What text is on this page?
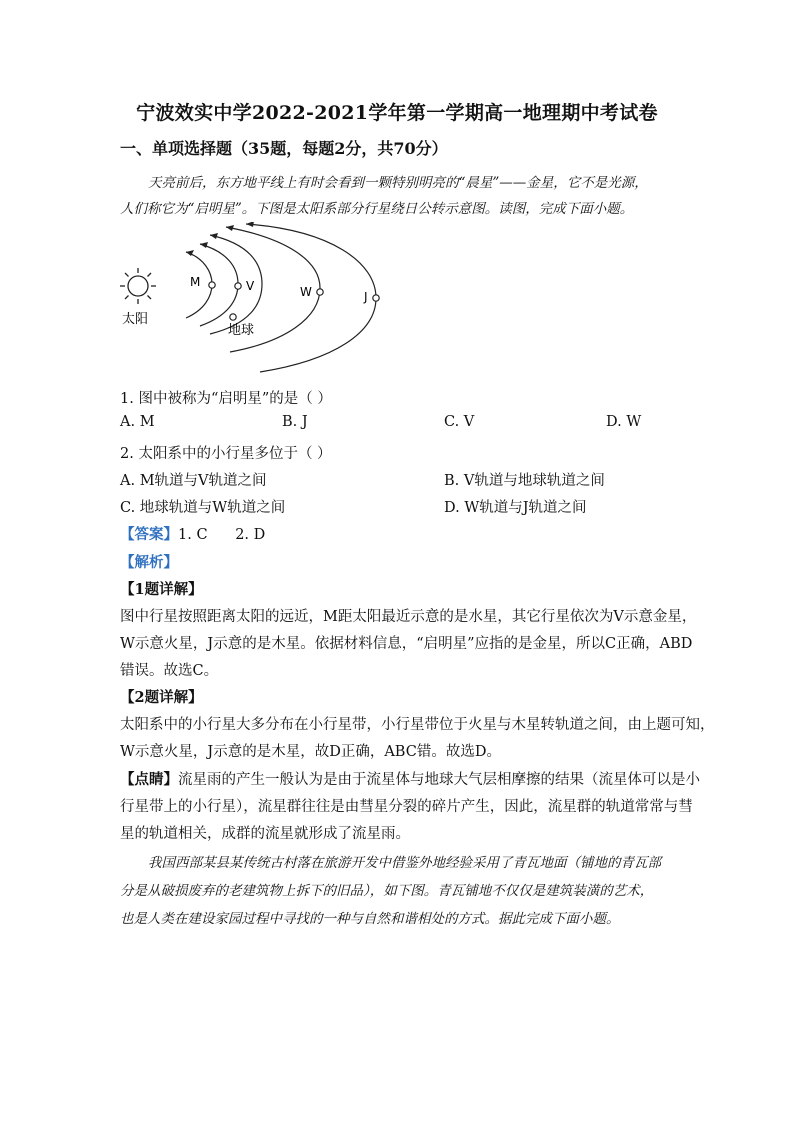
宁波效实中学2022-2021学年第一学期高一地理期中考试卷
一、单项选择题（35题，每题2分，共70分）
天亮前后，东方地平线上有时会看到一颗特别明亮的“晨星”——金星，它不是光源，
人们称它为“启明星”。下图是太阳系部分行星绕日公转示意图。读图，完成下面小题。
太阳
M	V
地球
W	J
1. 图中被称为“启明星”的是（ ）
A. M	B. J	C. V	D. W
2. 太阳系中的小行星多位于（ ）
A. M轨道与V轨道之间	B. V轨道与地球轨道之间
C. 地球轨道与W轨道之间	D. W轨道与J轨道之间
【答案】1. C      2. D
【解析】
【1题详解】
图中行星按照距离太阳的远近，M距太阳最近示意的是水星，其它行星依次为V示意金星，
W示意火星，J示意的是木星。依据材料信息，“启明星”应指的是金星，所以C正确，ABD
错误。故选C。
【2题详解】
太阳系中的小行星大多分布在小行星带，小行星带位于火星与木星转轨道之间，由上题可知，
W示意火星，J示意的是木星，故D正确，ABC错。故选D。
【点睛】流星雨的产生一般认为是由于流星体与地球大气层相摩擦的结果（流星体可以是小
行星带上的小行星），流星群往往是由彗星分裂的碎片产生，因此，流星群的轨道常常与彗
星的轨道相关，成群的流星就形成了流星雨。
我国西部某县某传统古村落在旅游开发中借鉴外地经验采用了青瓦地面（铺地的青瓦部
分是从破损废弃的老建筑物上拆下的旧品），如下图。青瓦铺地不仅仅是建筑装潢的艺术，
也是人类在建设家园过程中寻找的一种与自然和谐相处的方式。据此完成下面小题。
